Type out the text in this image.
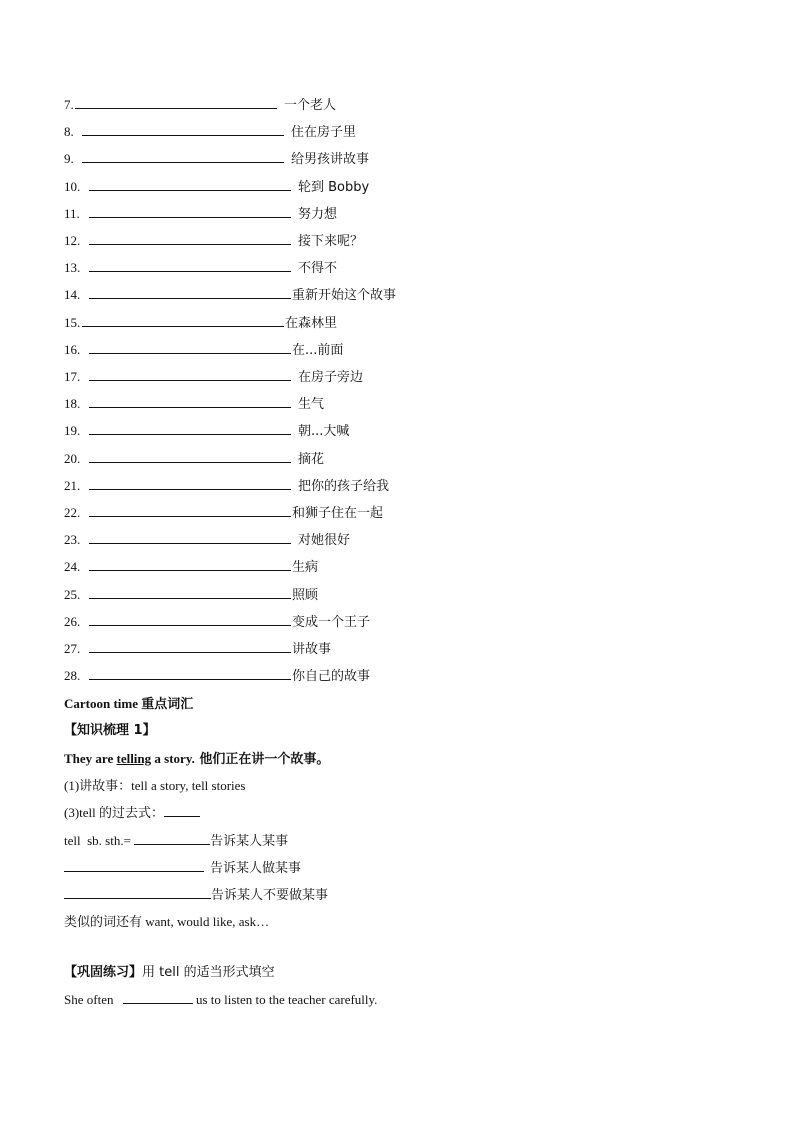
7.	一个老人
8.	住在房子里
9.	给男孩讲故事
10.	轮到 Bobby
11.	努力想
12.	接下来呢？
13.	不得不
14.	重新开始这个故事
15.	在森林里
16.	在...前面
17.	在房子旁边
18.	生气
19.	朝...大喊
20.	摘花
21.	把你的孩子给我
22.	和狮子住在一起
23.	对她很好
24.	生病
25.	照顾
26.	变成一个王子
27.	讲故事
28.	你自己的故事
Cartoon time 重点词汇
【知识梳理 1】
They are telling a story. 他们正在讲一个故事。
(1)讲故事：tell a story, tell stories
(3)tell 的过去式：
tell  sb. sth.=	告诉某人某事
告诉某人做某事
告诉某人不要做某事
类似的词还有 want, would like, ask…
【巩固练习】 用 tell 的适当形式填空
She often	us to listen to the teacher carefully.
